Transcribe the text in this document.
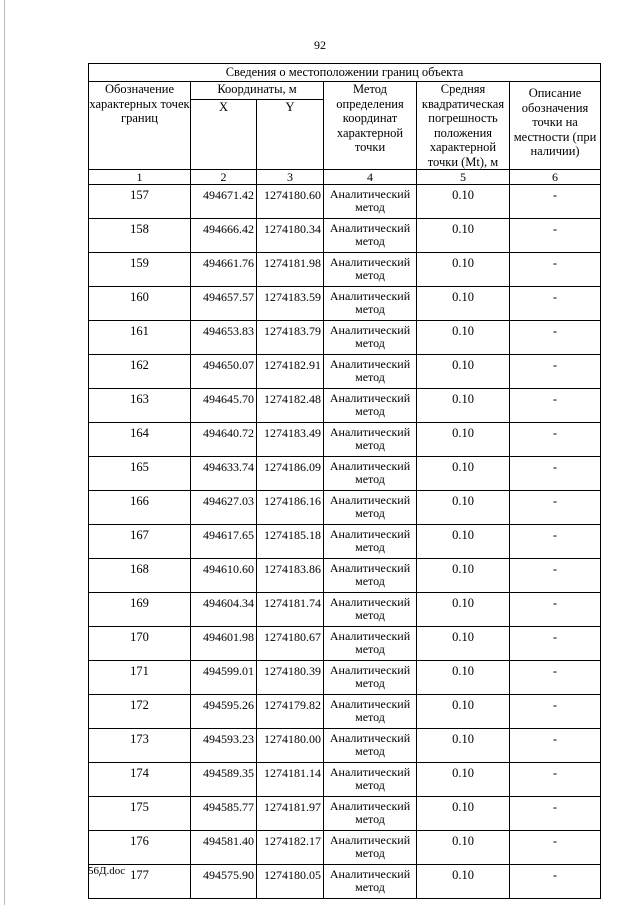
92
Сведения о местоположении границ объекта					
Обозначение характерных точек границ	Координаты, м		Метод определения координат характерной точки	Средняя квадратическая погрешность положения характерной точки (Mt), м	Описание обозначения точки на местности (при наличии)
	X	Y			
1	2	3	4	5	6
157	494671.42	1274180.60	Аналитический метод	0.10	-
158	494666.42	1274180.34	Аналитический метод	0.10	-
159	494661.76	1274181.98	Аналитический метод	0.10	-
160	494657.57	1274183.59	Аналитический метод	0.10	-
161	494653.83	1274183.79	Аналитический метод	0.10	-
162	494650.07	1274182.91	Аналитический метод	0.10	-
163	494645.70	1274182.48	Аналитический метод	0.10	-
164	494640.72	1274183.49	Аналитический метод	0.10	-
165	494633.74	1274186.09	Аналитический метод	0.10	-
166	494627.03	1274186.16	Аналитический метод	0.10	-
167	494617.65	1274185.18	Аналитический метод	0.10	-
168	494610.60	1274183.86	Аналитический метод	0.10	-
169	494604.34	1274181.74	Аналитический метод	0.10	-
170	494601.98	1274180.67	Аналитический метод	0.10	-
171	494599.01	1274180.39	Аналитический метод	0.10	-
172	494595.26	1274179.82	Аналитический метод	0.10	-
173	494593.23	1274180.00	Аналитический метод	0.10	-
174	494589.35	1274181.14	Аналитический метод	0.10	-
175	494585.77	1274181.97	Аналитический метод	0.10	-
176	494581.40	1274182.17	Аналитический метод	0.10	-
177	494575.90	1274180.05	Аналитический метод	0.10	-
56Д.doc
